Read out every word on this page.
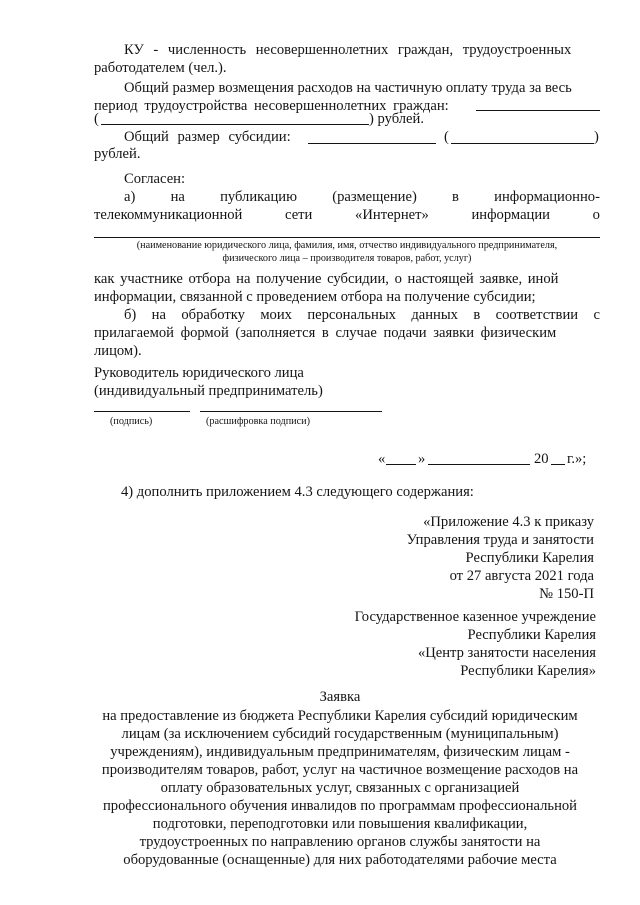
КУ - численность несовершеннолетних граждан, трудоустроенных
работодателем (чел.).
Общий размер возмещения расходов на частичную оплату труда за весь
период трудоустройства несовершеннолетних граждан:
(	) рублей.
Общий размер субсидии:	(	)
рублей.
Согласен:
а) на публикацию (размещение) в информационно-
телекоммуникационной	сети	«Интернет»	информации	о
(наименование юридического лица, фамилия, имя, отчество индивидуального предпринимателя,
физического лица – производителя товаров, работ, услуг)
как участнике отбора на получение субсидии, о настоящей заявке, иной
информации, связанной с проведением отбора на получение субсидии;
б) на обработку моих персональных данных в соответствии с
прилагаемой формой (заполняется в случае подачи заявки физическим
лицом).
Руководитель юридического лица
(индивидуальный предприниматель)
(подпись)	(расшифровка подписи)
« »	20 г.»;
4) дополнить приложением 4.3 следующего содержания:
«Приложение 4.3 к приказу
Управления труда и занятости
Республики Карелия
от 27 августа 2021 года
№ 150-П
Государственное казенное учреждение
Республики Карелия
«Центр занятости населения
Республики Карелия»
Заявка
на предоставление из бюджета Республики Карелия субсидий юридическим
лицам (за исключением субсидий государственным (муниципальным)
учреждениям), индивидуальным предпринимателям, физическим лицам -
производителям товаров, работ, услуг на частичное возмещение расходов на
оплату образовательных услуг, связанных с организацией
профессионального обучения инвалидов по программам профессиональной
подготовки, переподготовки или повышения квалификации,
трудоустроенных по направлению органов службы занятости на
оборудованные (оснащенные) для них работодателями рабочие места
